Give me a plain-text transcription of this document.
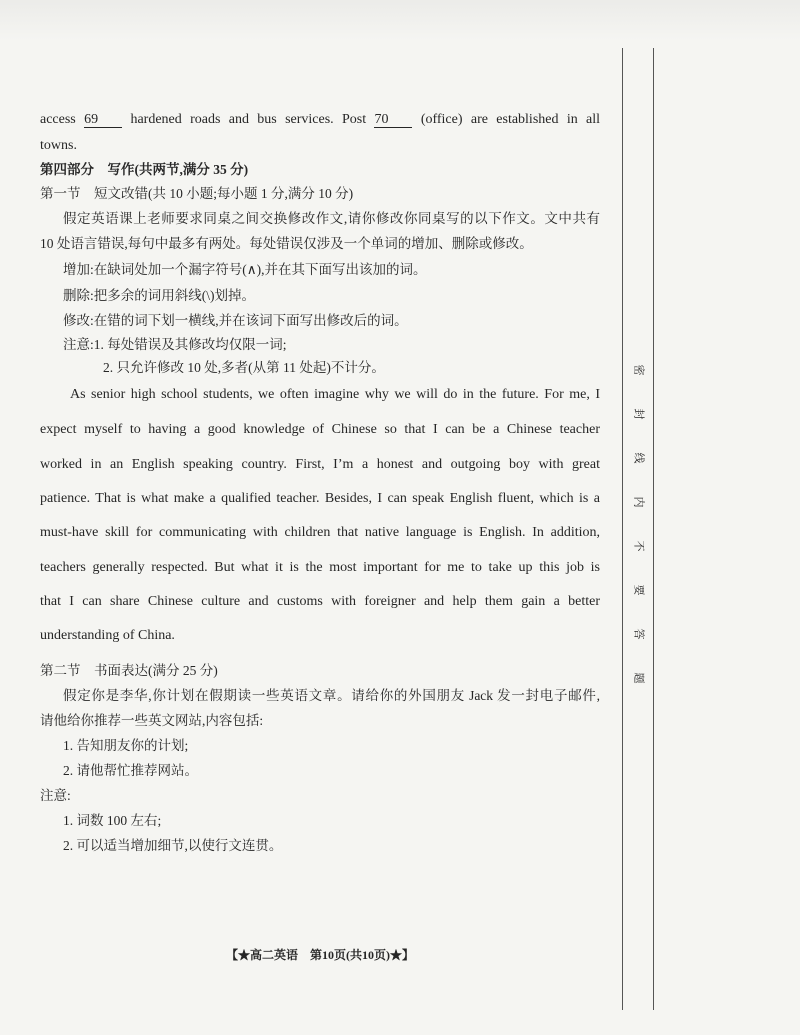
access 69 hardened roads and bus services. Post 70 (office) are established in all
towns.
第四部分　写作(共两节,满分 35 分)
第一节　短文改错(共 10 小题;每小题 1 分,满分 10 分)
假定英语课上老师要求同桌之间交换修改作文,请你修改你同桌写的以下作文。文中共有
10 处语言错误,每句中最多有两处。每处错误仅涉及一个单词的增加、删除或修改。
增加:在缺词处加一个漏字符号(∧),并在其下面写出该加的词。
删除:把多余的词用斜线(\)划掉。
修改:在错的词下划一横线,并在该词下面写出修改后的词。
注意:1. 每处错误及其修改均仅限一词;
2. 只允许修改 10 处,多者(从第 11 处起)不计分。
As senior high school students, we often imagine why we will do in the future. For me, I
expect myself to having a good knowledge of Chinese so that I can be a Chinese teacher
worked in an English speaking country. First, I’m a honest and outgoing boy with great
patience. That is what make a qualified teacher. Besides, I can speak English fluent, which is a
must-have skill for communicating with children that native language is English. In addition,
teachers generally respected. But what it is the most important for me to take up this job is
that I can share Chinese culture and customs with foreigner and help them gain a better
understanding of China.
第二节　书面表达(满分 25 分)
假定你是李华,你计划在假期读一些英语文章。请给你的外国朋友 Jack 发一封电子邮件,
请他给你推荐一些英文网站,内容包括:
1. 告知朋友你的计划;
2. 请他帮忙推荐网站。
注意:
1. 词数 100 左右;
2. 可以适当增加细节,以使行文连贯。
【★高二英语　第10页(共10页)★】
密
封
线
内
不
要
答
题
